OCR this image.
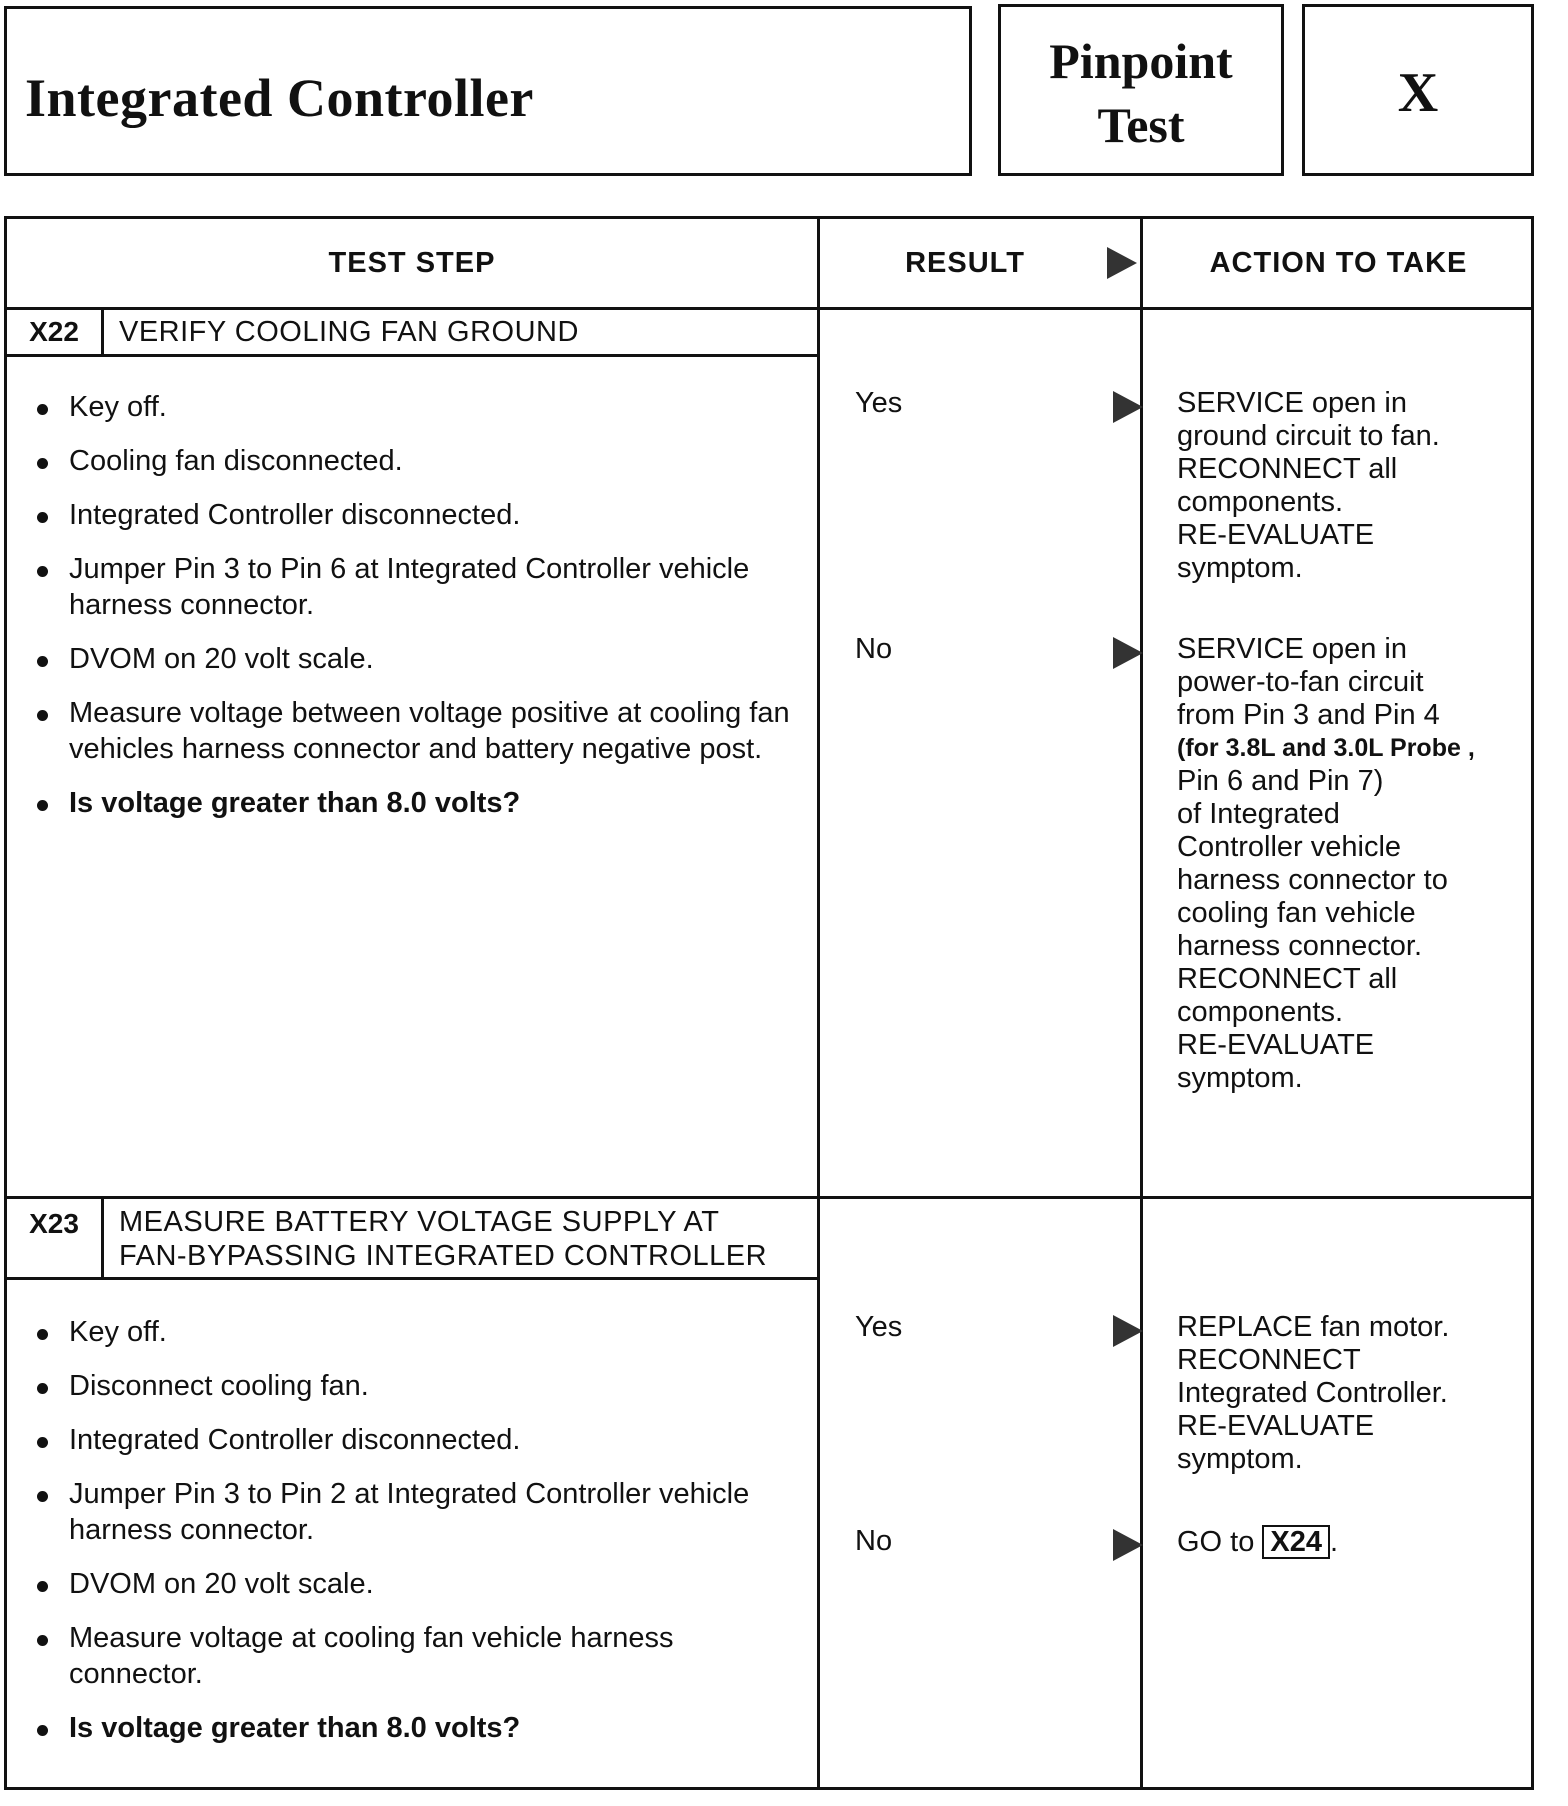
Integrated Controller
Pinpoint
Test
X
TEST STEP	RESULT	ACTION TO TAKE
X22	VERIFY COOLING FAN GROUND
Key off.
Cooling fan disconnected.
Integrated Controller disconnected.
Jumper Pin 3 to Pin 6 at Integrated Controller vehicle harness connector.
DVOM on 20 volt scale.
Measure voltage between voltage positive at cooling fan vehicles harness connector and battery negative post.
Is voltage greater than 8.0 volts?
Yes	SERVICE open in
ground circuit to fan.
RECONNECT all
components.
RE-EVALUATE
symptom.
No	SERVICE open in
power-to-fan circuit
from Pin 3 and Pin 4
(for 3.8L and 3.0L Probe ,
Pin 6 and Pin 7)
of Integrated
Controller vehicle
harness connector to
cooling fan vehicle
harness connector.
RECONNECT all
components.
RE-EVALUATE
symptom.
X23	MEASURE BATTERY VOLTAGE SUPPLY AT
FAN-BYPASSING INTEGRATED CONTROLLER
Key off.
Disconnect cooling fan.
Integrated Controller disconnected.
Jumper Pin 3 to Pin 2 at Integrated Controller vehicle harness connector.
DVOM on 20 volt scale.
Measure voltage at cooling fan vehicle harness connector.
Is voltage greater than 8.0 volts?
Yes	REPLACE fan motor.
RECONNECT
Integrated Controller.
RE-EVALUATE
symptom.
No	GO to X24 .
